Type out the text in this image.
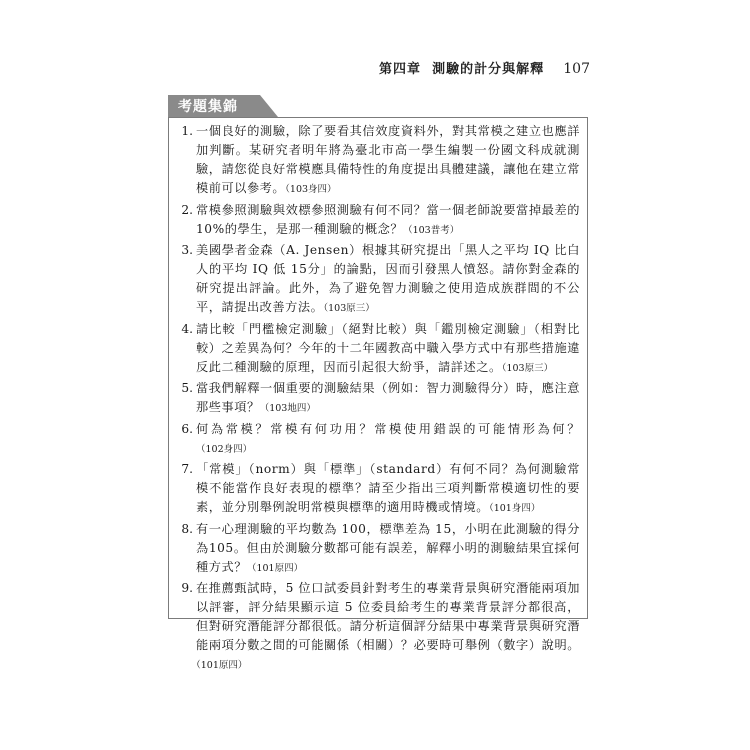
第四章 測驗的計分與解釋 107
考題集錦
1. 一個良好的測驗，除了要看其信效度資料外，對其常模之建立也應詳加判斷。某研究者明年將為臺北市高一學生編製一份國文科成就測驗，請您從良好常模應具備特性的角度提出具體建議，讓他在建立常模前可以參考。（103身四）
2. 常模參照測驗與效標參照測驗有何不同？當一個老師說要當掉最差的10%的學生，是那一種測驗的概念？（103普考）
3. 美國學者金森（A. Jensen）根據其研究提出「黑人之平均 IQ 比白人的平均 IQ 低 15分」的論點，因而引發黑人憤怒。請你對金森的研究提出評論。此外，為了避免智力測驗之使用造成族群間的不公平，請提出改善方法。（103原三）
4. 請比較「門檻檢定測驗」（絕對比較）與「鑑別檢定測驗」（相對比較）之差異為何？今年的十二年國教高中職入學方式中有那些措施違反此二種測驗的原理，因而引起很大紛爭，請詳述之。（103原三）
5. 當我們解釋一個重要的測驗結果（例如：智力測驗得分）時，應注意那些事項？（103地四）
6. 何為常模？常模有何功用？常模使用錯誤的可能情形為何？（102身四）
7. 「常模」（norm）與「標準」（standard）有何不同？為何測驗常模不能當作良好表現的標準？請至少指出三項判斷常模適切性的要素，並分別舉例說明常模與標準的適用時機或情境。（101身四）
8. 有一心理測驗的平均數為 100，標準差為 15，小明在此測驗的得分為105。但由於測驗分數都可能有誤差，解釋小明的測驗結果宜採何種方式？（101原四）
9. 在推薦甄試時，5 位口試委員針對考生的專業背景與研究潛能兩項加以評審，評分結果顯示這 5 位委員給考生的專業背景評分都很高，但對研究潛能評分都很低。請分析這個評分結果中專業背景與研究潛能兩項分數之間的可能關係（相關）？必要時可舉例（數字）說明。（101原四）
